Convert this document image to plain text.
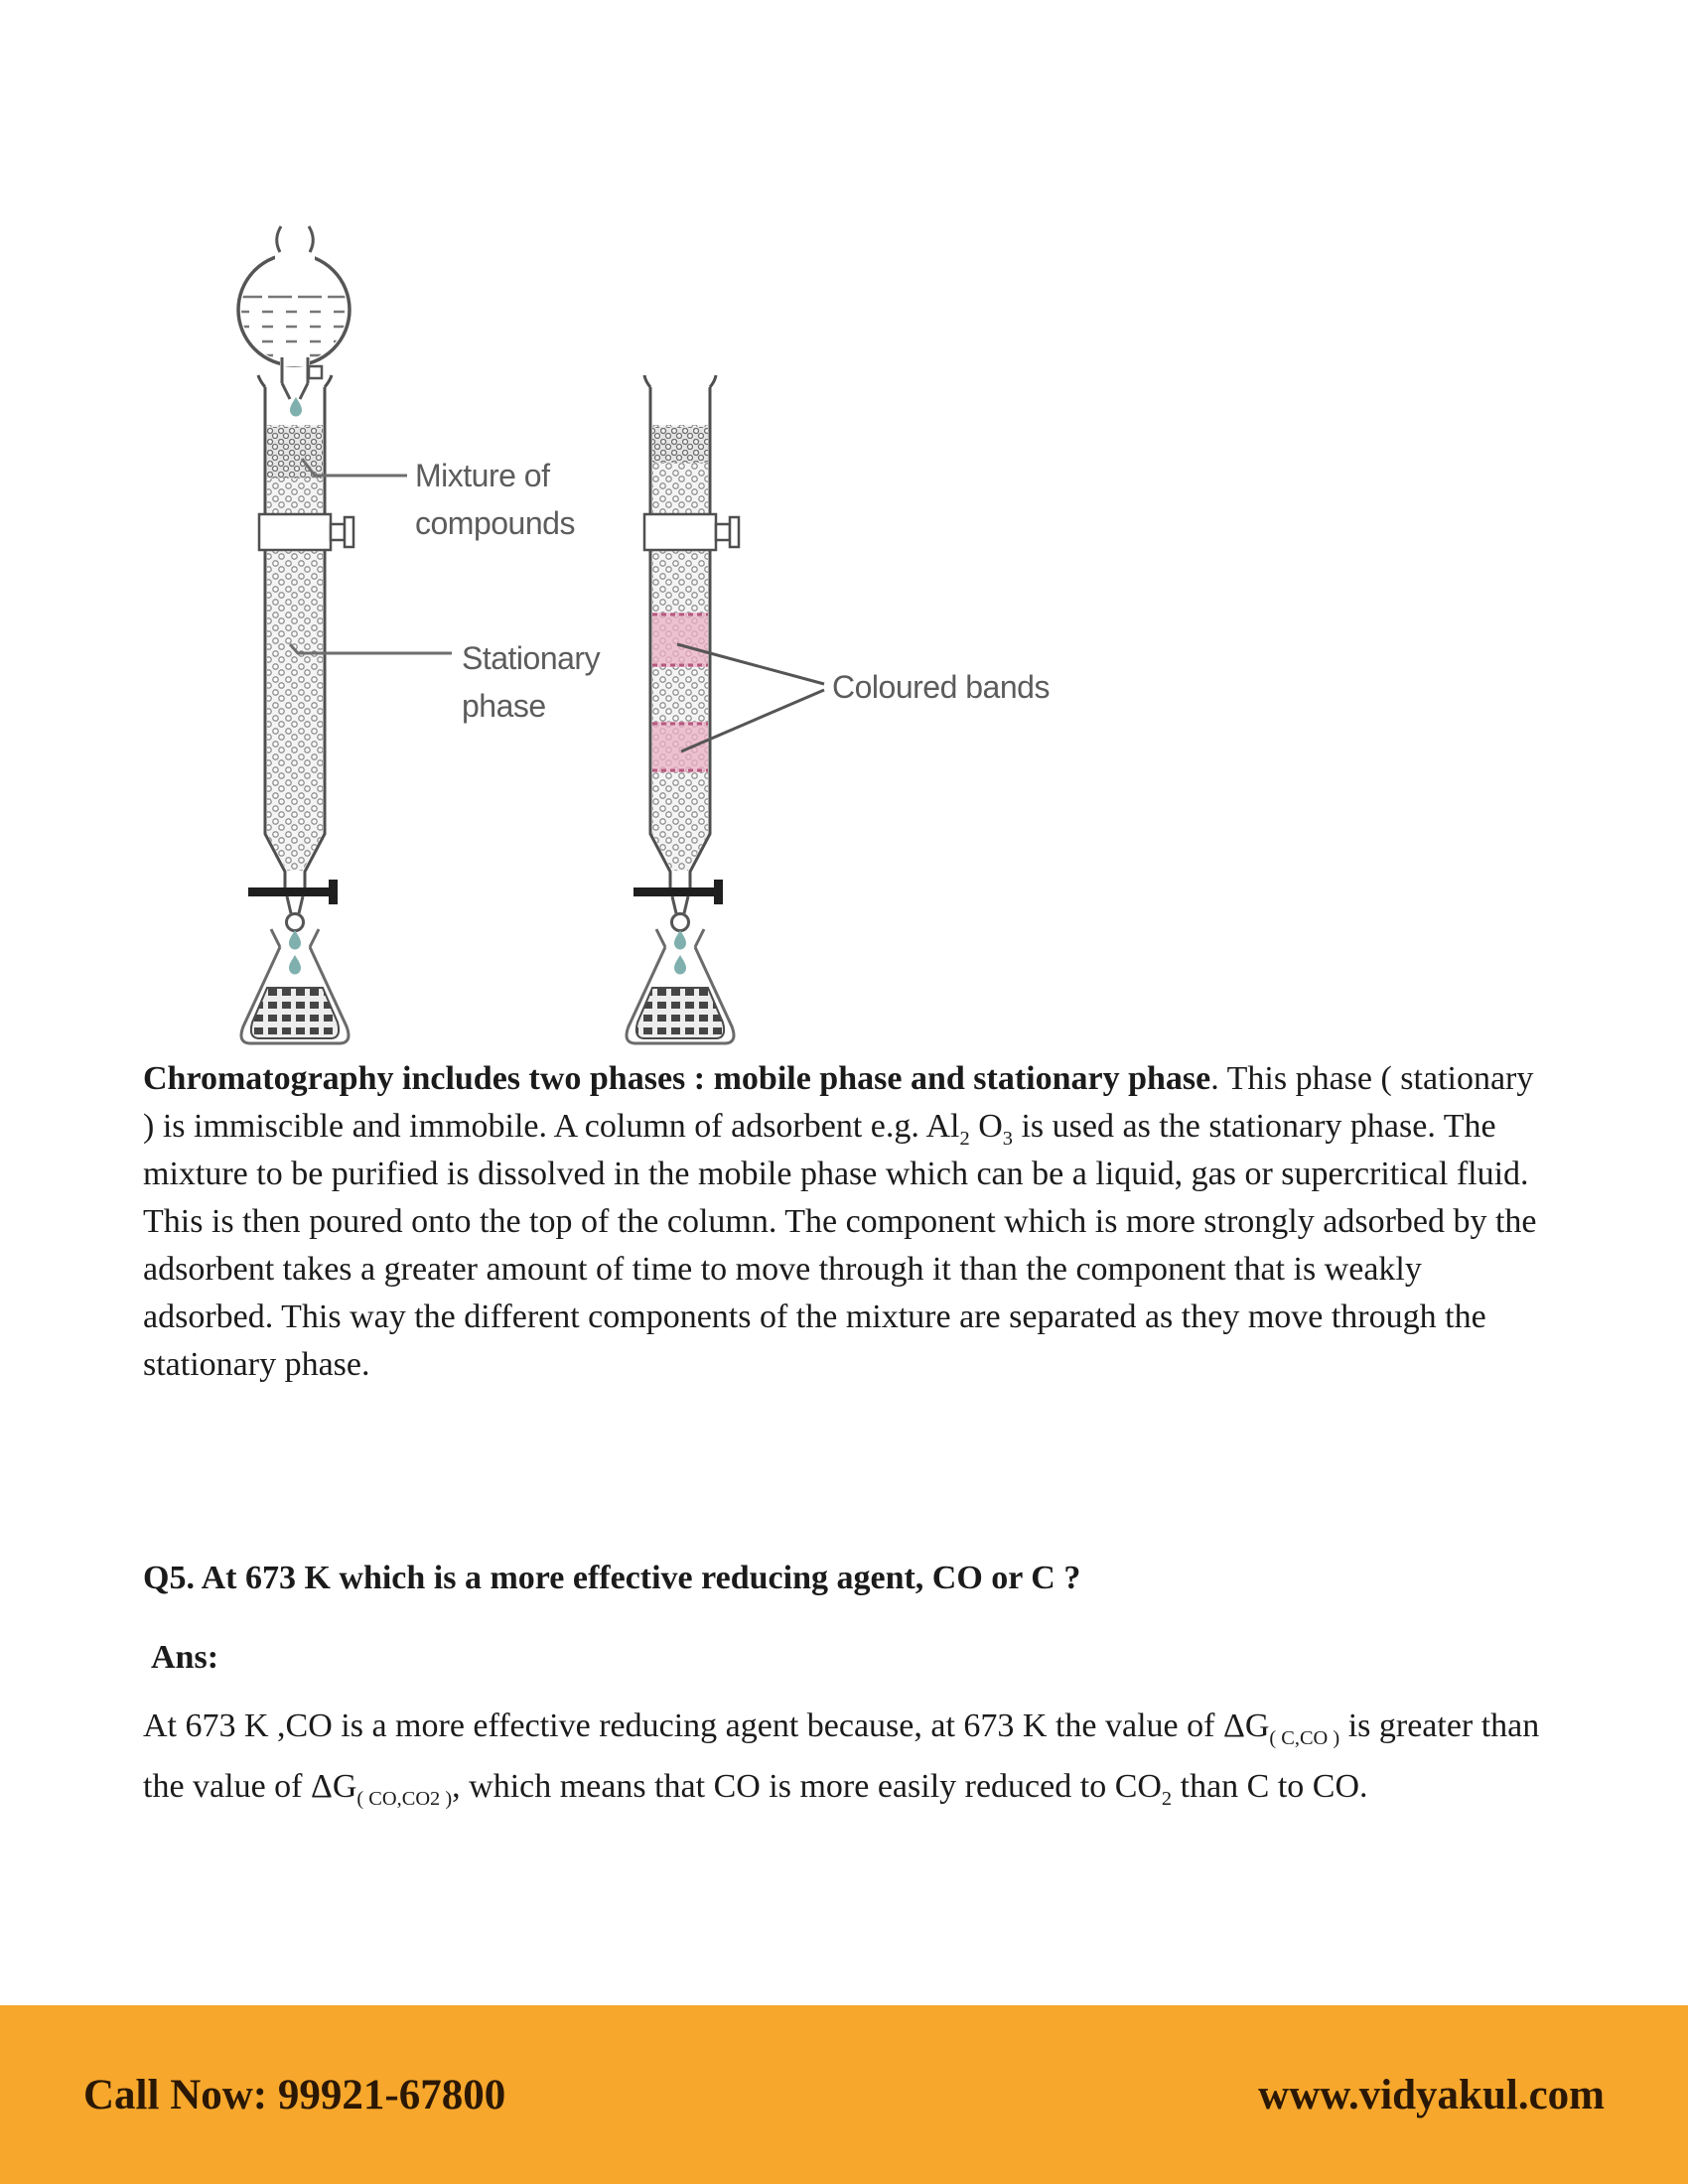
Mixture of
compounds
Stationary
phase
Coloured bands
Chromatography includes two phases : mobile phase and stationary phase. This phase ( stationary ) is immiscible and immobile. A column of adsorbent e.g. $Al_2$ $O_3$ is used as the stationary phase. The mixture to be purified is dissolved in the mobile phase which can be a liquid, gas or supercritical fluid. This is then poured onto the top of the column. The component which is more strongly adsorbed by the adsorbent takes a greater amount of time to move through it than the component that is weakly adsorbed. This way the different components of the mixture are separated as they move through the stationary phase.
Q5. At 673 K which is a more effective reducing agent, CO or C ?
Ans:
At 673 K ,CO is a more effective reducing agent because, at 673 K the value of $\Delta G_{( C,CO )}$ is greater than the value of $\Delta G_{( CO,CO2 )}$, which means that CO is more easily reduced to $CO_2$ than C to CO.
Call Now: 99921-67800	www.vidyakul.com
